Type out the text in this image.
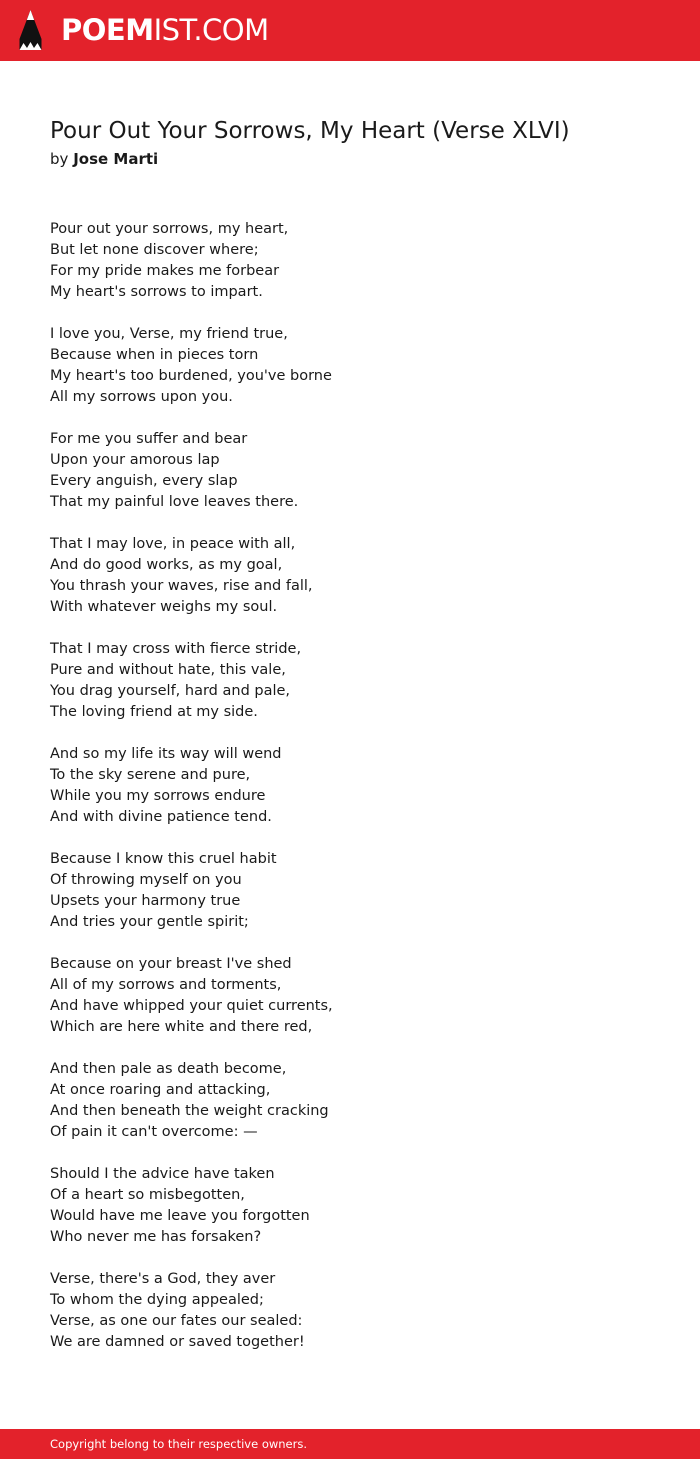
POEMIST.COM
Pour Out Your Sorrows, My Heart (Verse XLVI)

by Jose Marti

Pour out your sorrows, my heart,
But let none discover where;
For my pride makes me forbear
My heart's sorrows to impart.
I love you, Verse, my friend true,
Because when in pieces torn
My heart's too burdened, you've borne
All my sorrows upon you.
For me you suffer and bear
Upon your amorous lap
Every anguish, every slap
That my painful love leaves there.
That I may love, in peace with all,
And do good works, as my goal,
You thrash your waves, rise and fall,
With whatever weighs my soul.
That I may cross with fierce stride,
Pure and without hate, this vale,
You drag yourself, hard and pale,
The loving friend at my side.
And so my life its way will wend
To the sky serene and pure,
While you my sorrows endure
And with divine patience tend.
Because I know this cruel habit
Of throwing myself on you
Upsets your harmony true
And tries your gentle spirit;
Because on your breast I've shed
All of my sorrows and torments,
And have whipped your quiet currents,
Which are here white and there red,
And then pale as death become,
At once roaring and attacking,
And then beneath the weight cracking
Of pain it can't overcome: —
Should I the advice have taken
Of a heart so misbegotten,
Would have me leave you forgotten
Who never me has forsaken?
Verse, there's a God, they aver
To whom the dying appealed;
Verse, as one our fates our sealed:
We are damned or saved together!
Copyright belong to their respective owners.
